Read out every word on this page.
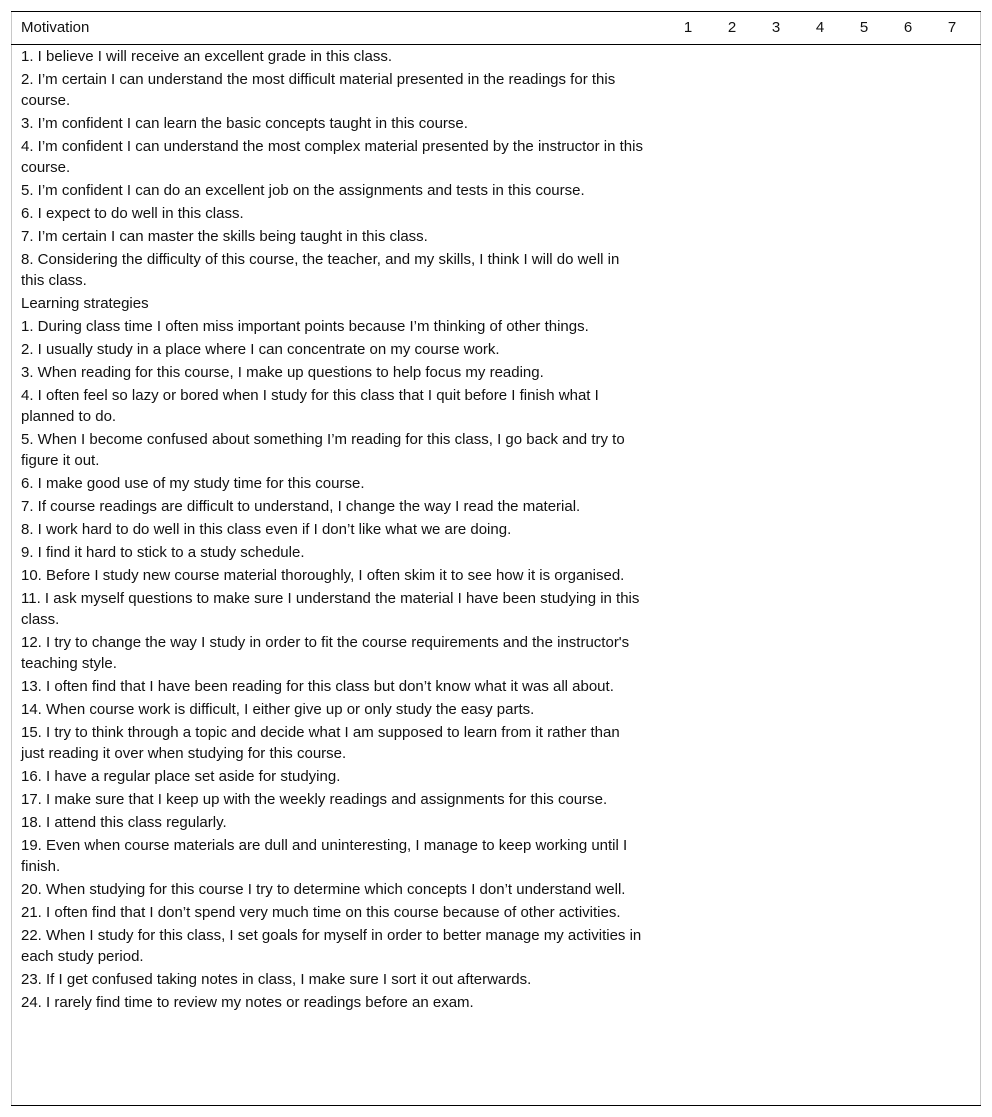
Motivation	1	2	3	4	5	6	7
1. I believe I will receive an excellent grade in this class.
2. I’m certain I can understand the most difficult material presented in the readings for this course.
3. I’m confident I can learn the basic concepts taught in this course.
4. I’m confident I can understand the most complex material presented by the instructor in this course.
5. I’m confident I can do an excellent job on the assignments and tests in this course.
6. I expect to do well in this class.
7. I’m certain I can master the skills being taught in this class.
8. Considering the difficulty of this course, the teacher, and my skills, I think I will do well in this class.
Learning strategies
1. During class time I often miss important points because I’m thinking of other things.
2. I usually study in a place where I can concentrate on my course work.
3. When reading for this course, I make up questions to help focus my reading.
4. I often feel so lazy or bored when I study for this class that I quit before I finish what I planned to do.
5. When I become confused about something I’m reading for this class, I go back and try to figure it out.
6. I make good use of my study time for this course.
7. If course readings are difficult to understand, I change the way I read the material.
8. I work hard to do well in this class even if I don’t like what we are doing.
9. I find it hard to stick to a study schedule.
10. Before I study new course material thoroughly, I often skim it to see how it is organised.
11. I ask myself questions to make sure I understand the material I have been studying in this class.
12. I try to change the way I study in order to fit the course requirements and the instructor's teaching style.
13. I often find that I have been reading for this class but don’t know what it was all about.
14. When course work is difficult, I either give up or only study the easy parts.
15. I try to think through a topic and decide what I am supposed to learn from it rather than just reading it over when studying for this course.
16. I have a regular place set aside for studying.
17. I make sure that I keep up with the weekly readings and assignments for this course.
18. I attend this class regularly.
19. Even when course materials are dull and uninteresting, I manage to keep working until I finish.
20. When studying for this course I try to determine which concepts I don’t understand well.
21. I often find that I don’t spend very much time on this course because of other activities.
22. When I study for this class, I set goals for myself in order to better manage my activities in each study period.
23. If I get confused taking notes in class, I make sure I sort it out afterwards.
24. I rarely find time to review my notes or readings before an exam.
